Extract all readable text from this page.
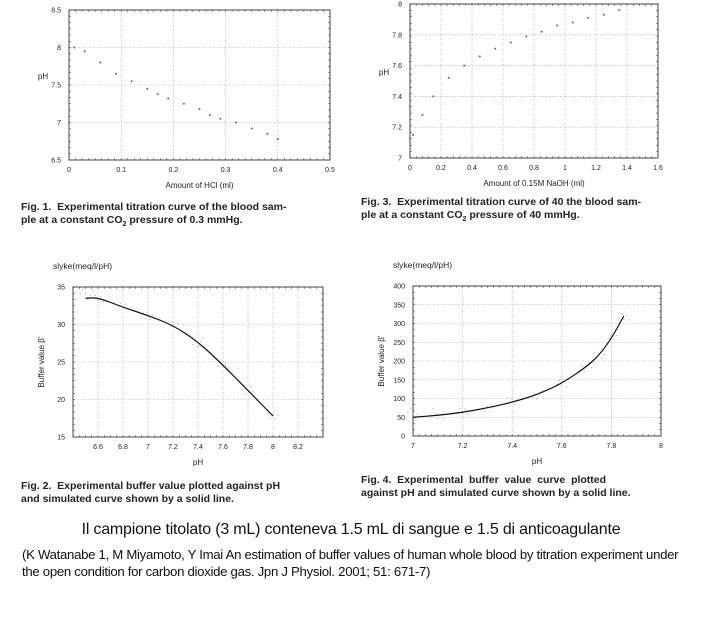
0	0.1	0.2	0.3	0.4	0.5
6.5
7
7.5
8
8.5
Amount of HCl (ml)
pH
0	0.2	0.4	0.6	0.8	1	1.2	1.4	1.6
7
7.2
7.4
7.6
7.8
8
Amount of 0.15M NaOH (ml)
pH
6.6 6.8	7	7.2 7.4 7.6 7.8	8	8.2
15
20
25
30
35
pH
Buffer value β’
slyke(meq/l/pH)
7	7.2	7.4	7.6	7.8	8
0
50
100
150
200
250
300
350
400
pH
Buffer value β’
slyke(meq/l/pH)
Fig. 1.  Experimental titration curve of the blood sam-
ple at a constant $CO_2$ pressure of 0.3 mmHg.
Fig. 3.  Experimental titration curve of 40 the blood sam-
ple at a constant $CO_2$ pressure of 40 mmHg.
Fig. 2.  Experimental buffer value plotted against pH
and simulated curve shown by a solid line.
Fig. 4.  Experimental  buffer  value  curve  plotted
against pH and simulated curve shown by a solid line.
Il campione titolato (3 mL) conteneva 1.5 mL di sangue e 1.5 di anticoagulante
(K Watanabe 1, M Miyamoto, Y Imai An estimation of buffer values of human whole blood by titration experiment under the open condition for carbon dioxide gas. Jpn J Physiol. 2001; 51: 671-7)
